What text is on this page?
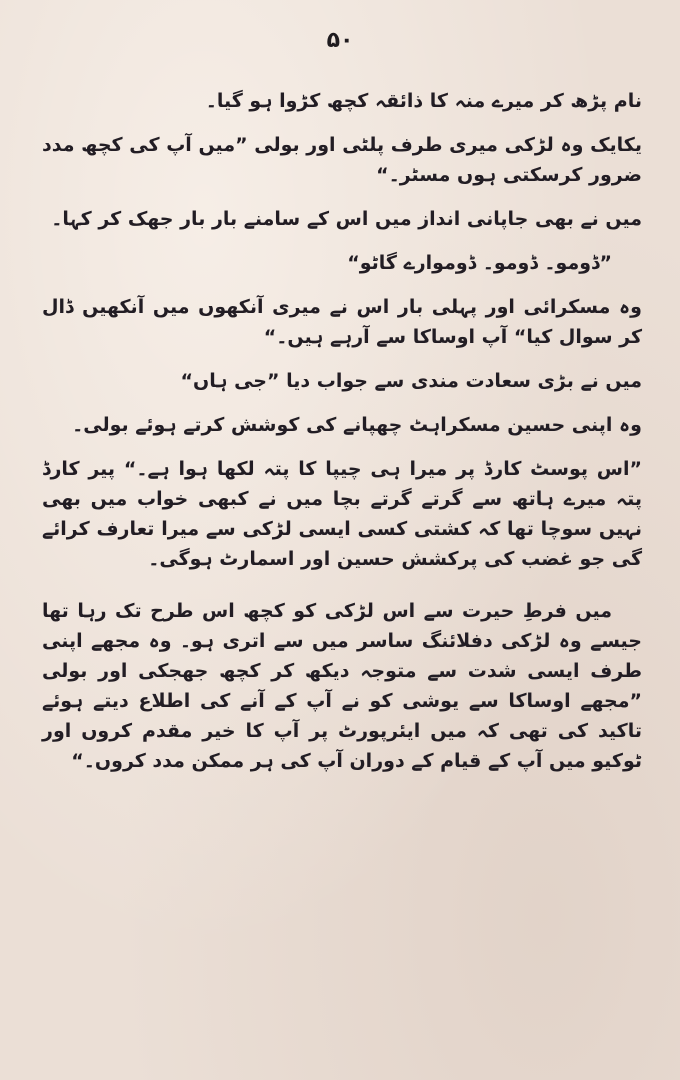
۵۰

نام پڑھ کر میرے منہ کا ذائقہ کچھ کڑوا ہو گیا۔

یکایک وہ لڑکی میری طرف پلٹی اور بولی ”میں آپ کی کچھ مدد ضرور کرسکتی ہوں مسٹر۔“

میں نے بھی جاپانی انداز میں اس کے سامنے بار بار جھک کر کہا۔

”ڈومو۔ ڈومو۔ ڈوموارے گاٹو“

وہ مسکرائی اور پہلی بار اس نے میری آنکھوں میں آنکھیں ڈال کر سوال کیا“ آپ اوساکا سے آرہے ہیں۔“

میں نے بڑی سعادت مندی سے جواب دیا ”جی ہاں“

وہ اپنی حسین مسکراہٹ چھپانے کی کوشش کرتے ہوئے بولی۔

”اس پوسٹ کارڈ پر میرا ہی چیپا کا پتہ لکھا ہوا ہے۔“ پیر کارڈ پتہ میرے ہاتھ سے گرتے گرتے بچا میں نے کبھی خواب میں بھی نہیں سوچا تھا کہ کشتی کسی ایسی لڑکی سے میرا تعارف کرائے گی جو غضب کی پرکشش حسین اور اسمارٹ ہوگی۔

میں فرطِ حیرت سے اس لڑکی کو کچھ اس طرح تک رہا تھا جیسے وہ لڑکی دفلائنگ ساسر میں سے اتری ہو۔ وہ مجھے اپنی طرف ایسی شدت سے متوجہ دیکھ کر کچھ جھجکی اور بولی ”مجھے اوساکا سے یوشی کو نے آپ کے آنے کی اطلاع دیتے ہوئے تاکید کی تھی کہ میں ایئرپورٹ پر آپ کا خیر مقدم کروں اور ٹوکیو میں آپ کے قیام کے دوران آپ کی ہر ممکن مدد کروں۔“
